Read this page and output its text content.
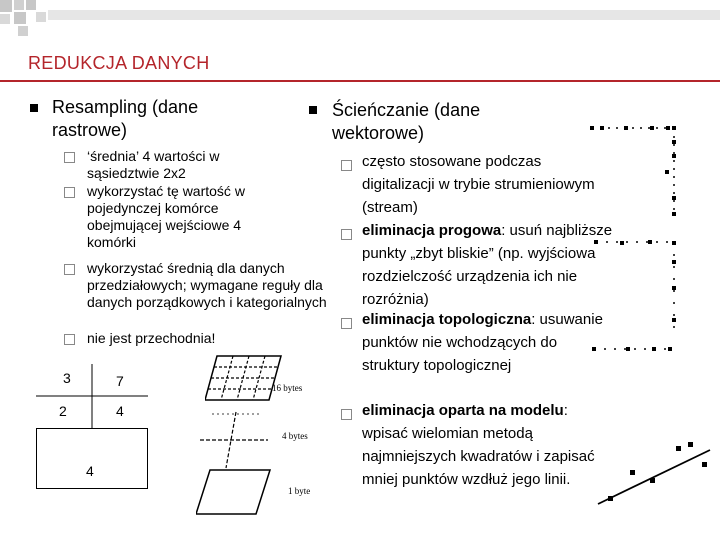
REDUKCJA DANYCH
Resampling (dane rastrowe)
‘średnia’ 4 wartości w sąsiedztwie 2x2
wykorzystać tę wartość w pojedynczej komórce obejmującej wejściowe 4 komórki
wykorzystać średnią dla danych przedziałowych; wymagane reguły dla danych porządkowych i kategorialnych
nie jest przechodnia!
3	7
2	4
4
16 bytes
4 bytes
1 byte
Ścieńczanie (dane wektorowe)
często stosowane podczas digitalizacji w trybie strumieniowym (stream)
eliminacja progowa: usuń najbliższe punkty „zbyt bliskie” (np. wyjściowa rozdzielczość urządzenia ich nie rozróżnia)
eliminacja topologiczna: usuwanie punktów nie wchodzących do struktury topologicznej
eliminacja oparta na modelu: wpisać wielomian metodą najmniejszych kwadratów i zapisać mniej punktów wzdłuż jego linii.
